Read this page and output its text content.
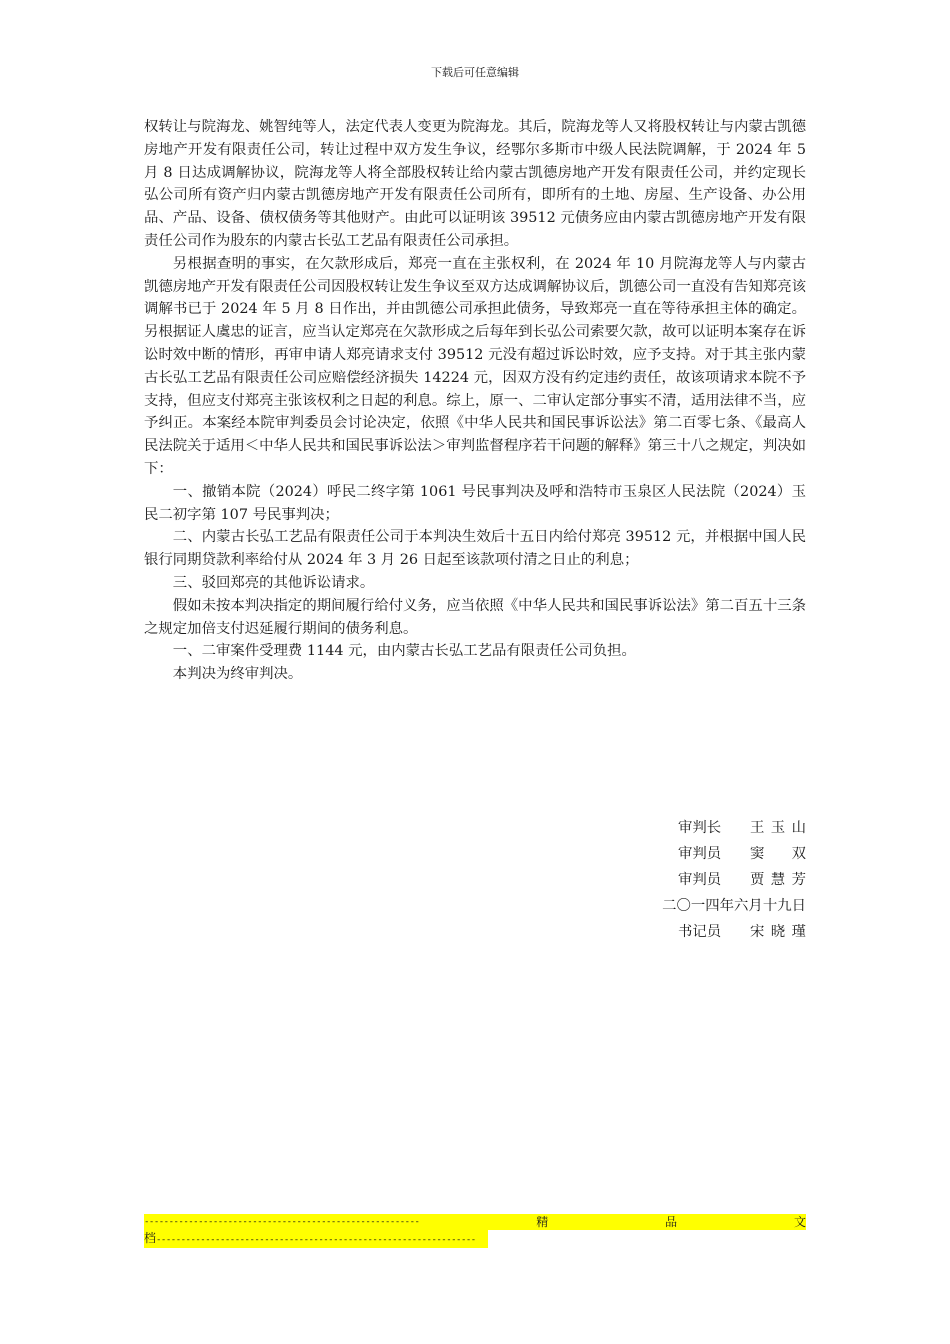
下载后可任意编辑

权转让与院海龙、姚智纯等人，法定代表人变更为院海龙。其后，院海龙等人又将股权转让与内蒙古凯德房地产开发有限责任公司，转让过程中双方发生争议，经鄂尔多斯市中级人民法院调解，于 2024 年 5 月 8 日达成调解协议，院海龙等人将全部股权转让给内蒙古凯德房地产开发有限责任公司，并约定现长弘公司所有资产归内蒙古凯德房地产开发有限责任公司所有，即所有的土地、房屋、生产设备、办公用品、产品、设备、债权债务等其他财产。由此可以证明该 39512 元债务应由内蒙古凯德房地产开发有限责任公司作为股东的内蒙古长弘工艺品有限责任公司承担。

另根据查明的事实，在欠款形成后，郑亮一直在主张权利，在 2024 年 10 月院海龙等人与内蒙古凯德房地产开发有限责任公司因股权转让发生争议至双方达成调解协议后，凯德公司一直没有告知郑亮该调解书已于 2024 年 5 月 8 日作出，并由凯德公司承担此债务，导致郑亮一直在等待承担主体的确定。另根据证人虞忠的证言，应当认定郑亮在欠款形成之后每年到长弘公司索要欠款，故可以证明本案存在诉讼时效中断的情形，再审申请人郑亮请求支付 39512 元没有超过诉讼时效，应予支持。对于其主张内蒙古长弘工艺品有限责任公司应赔偿经济损失 14224 元，因双方没有约定违约责任，故该项请求本院不予支持，但应支付郑亮主张该权利之日起的利息。综上，原一、二审认定部分事实不清，适用法律不当，应予纠正。本案经本院审判委员会讨论决定，依照《中华人民共和国民事诉讼法》第二百零七条、《最高人民法院关于适用＜中华人民共和国民事诉讼法＞审判监督程序若干问题的解释》第三十八之规定，判决如下：

一、撤销本院（2024）呼民二终字第 1061 号民事判决及呼和浩特市玉泉区人民法院（2024）玉民二初字第 107 号民事判决；

二、内蒙古长弘工艺品有限责任公司于本判决生效后十五日内给付郑亮 39512 元，并根据中国人民银行同期贷款利率给付从 2024 年 3 月 26 日起至该款项付清之日止的利息；

三、驳回郑亮的其他诉讼请求。

假如未按本判决指定的期间履行给付义务，应当依照《中华人民共和国民事诉讼法》第二百五十三条之规定加倍支付迟延履行期间的债务利息。

一、二审案件受理费 1144 元，由内蒙古长弘工艺品有限责任公司负担。

本判决为终审判决。

审判长	王玉山
审判员	窦 双
审判员	贾慧芳
二〇一四年六月十九日
书记员	宋晓瑾
--------------------------------------------------------	精	品	文
档-----------------------------------------------------------------
